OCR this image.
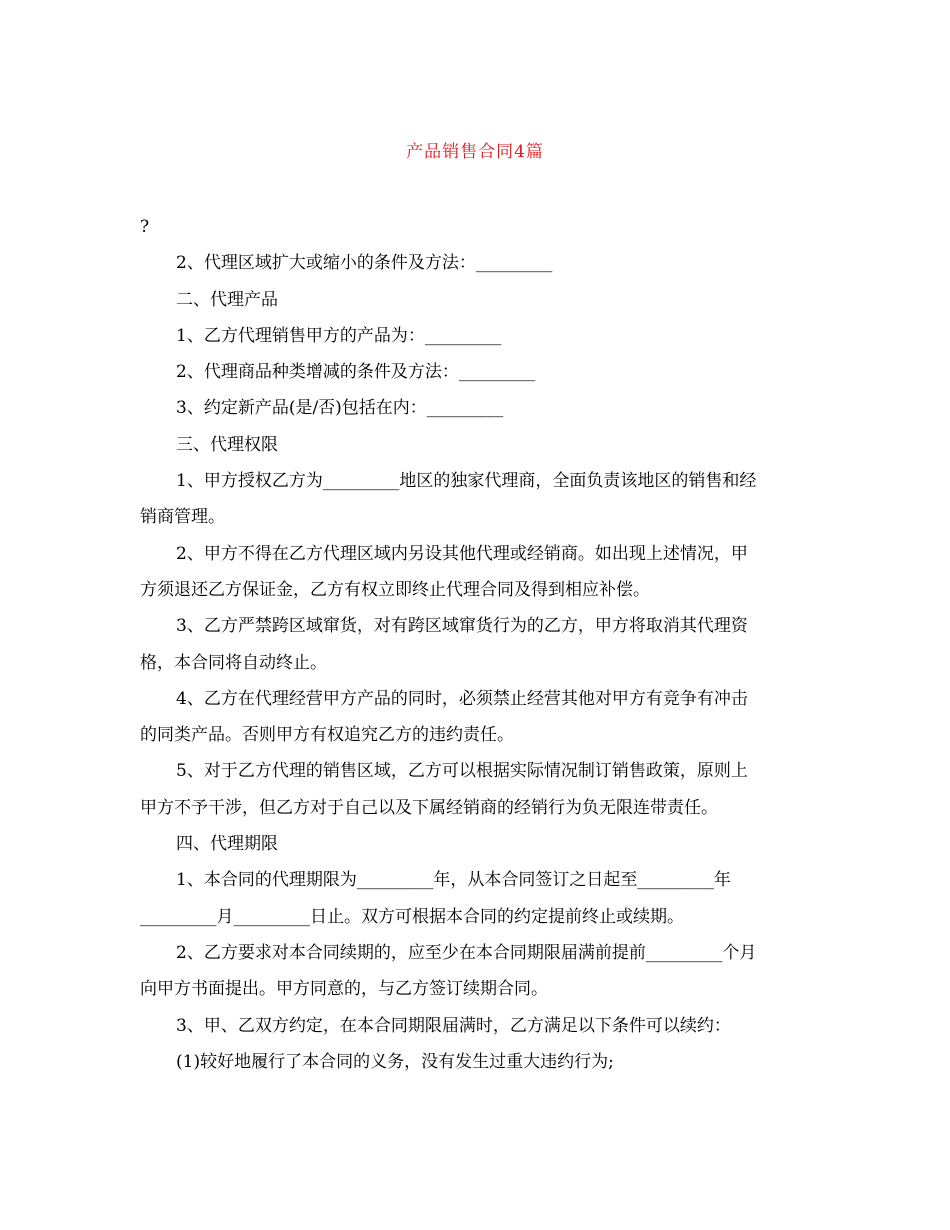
产品销售合同4篇
?
2、代理区域扩大或缩小的条件及方法：_________
二、代理产品
1、乙方代理销售甲方的产品为：_________
2、代理商品种类增减的条件及方法：_________
3、约定新产品(是/否)包括在内：_________
三、代理权限
1、甲方授权乙方为_________地区的独家代理商，全面负责该地区的销售和经
销商管理。
2、甲方不得在乙方代理区域内另设其他代理或经销商。如出现上述情况，甲
方须退还乙方保证金，乙方有权立即终止代理合同及得到相应补偿。
3、乙方严禁跨区域窜货，对有跨区域窜货行为的乙方，甲方将取消其代理资
格，本合同将自动终止。
4、乙方在代理经营甲方产品的同时，必须禁止经营其他对甲方有竞争有冲击
的同类产品。否则甲方有权追究乙方的违约责任。
5、对于乙方代理的销售区域，乙方可以根据实际情况制订销售政策，原则上
甲方不予干涉，但乙方对于自己以及下属经销商的经销行为负无限连带责任。
四、代理期限
1、本合同的代理期限为_________年，从本合同签订之日起至_________年
_________月_________日止。双方可根据本合同的约定提前终止或续期。
2、乙方要求对本合同续期的，应至少在本合同期限届满前提前_________个月
向甲方书面提出。甲方同意的，与乙方签订续期合同。
3、甲、乙双方约定，在本合同期限届满时，乙方满足以下条件可以续约：
(1)较好地履行了本合同的义务，没有发生过重大违约行为;
